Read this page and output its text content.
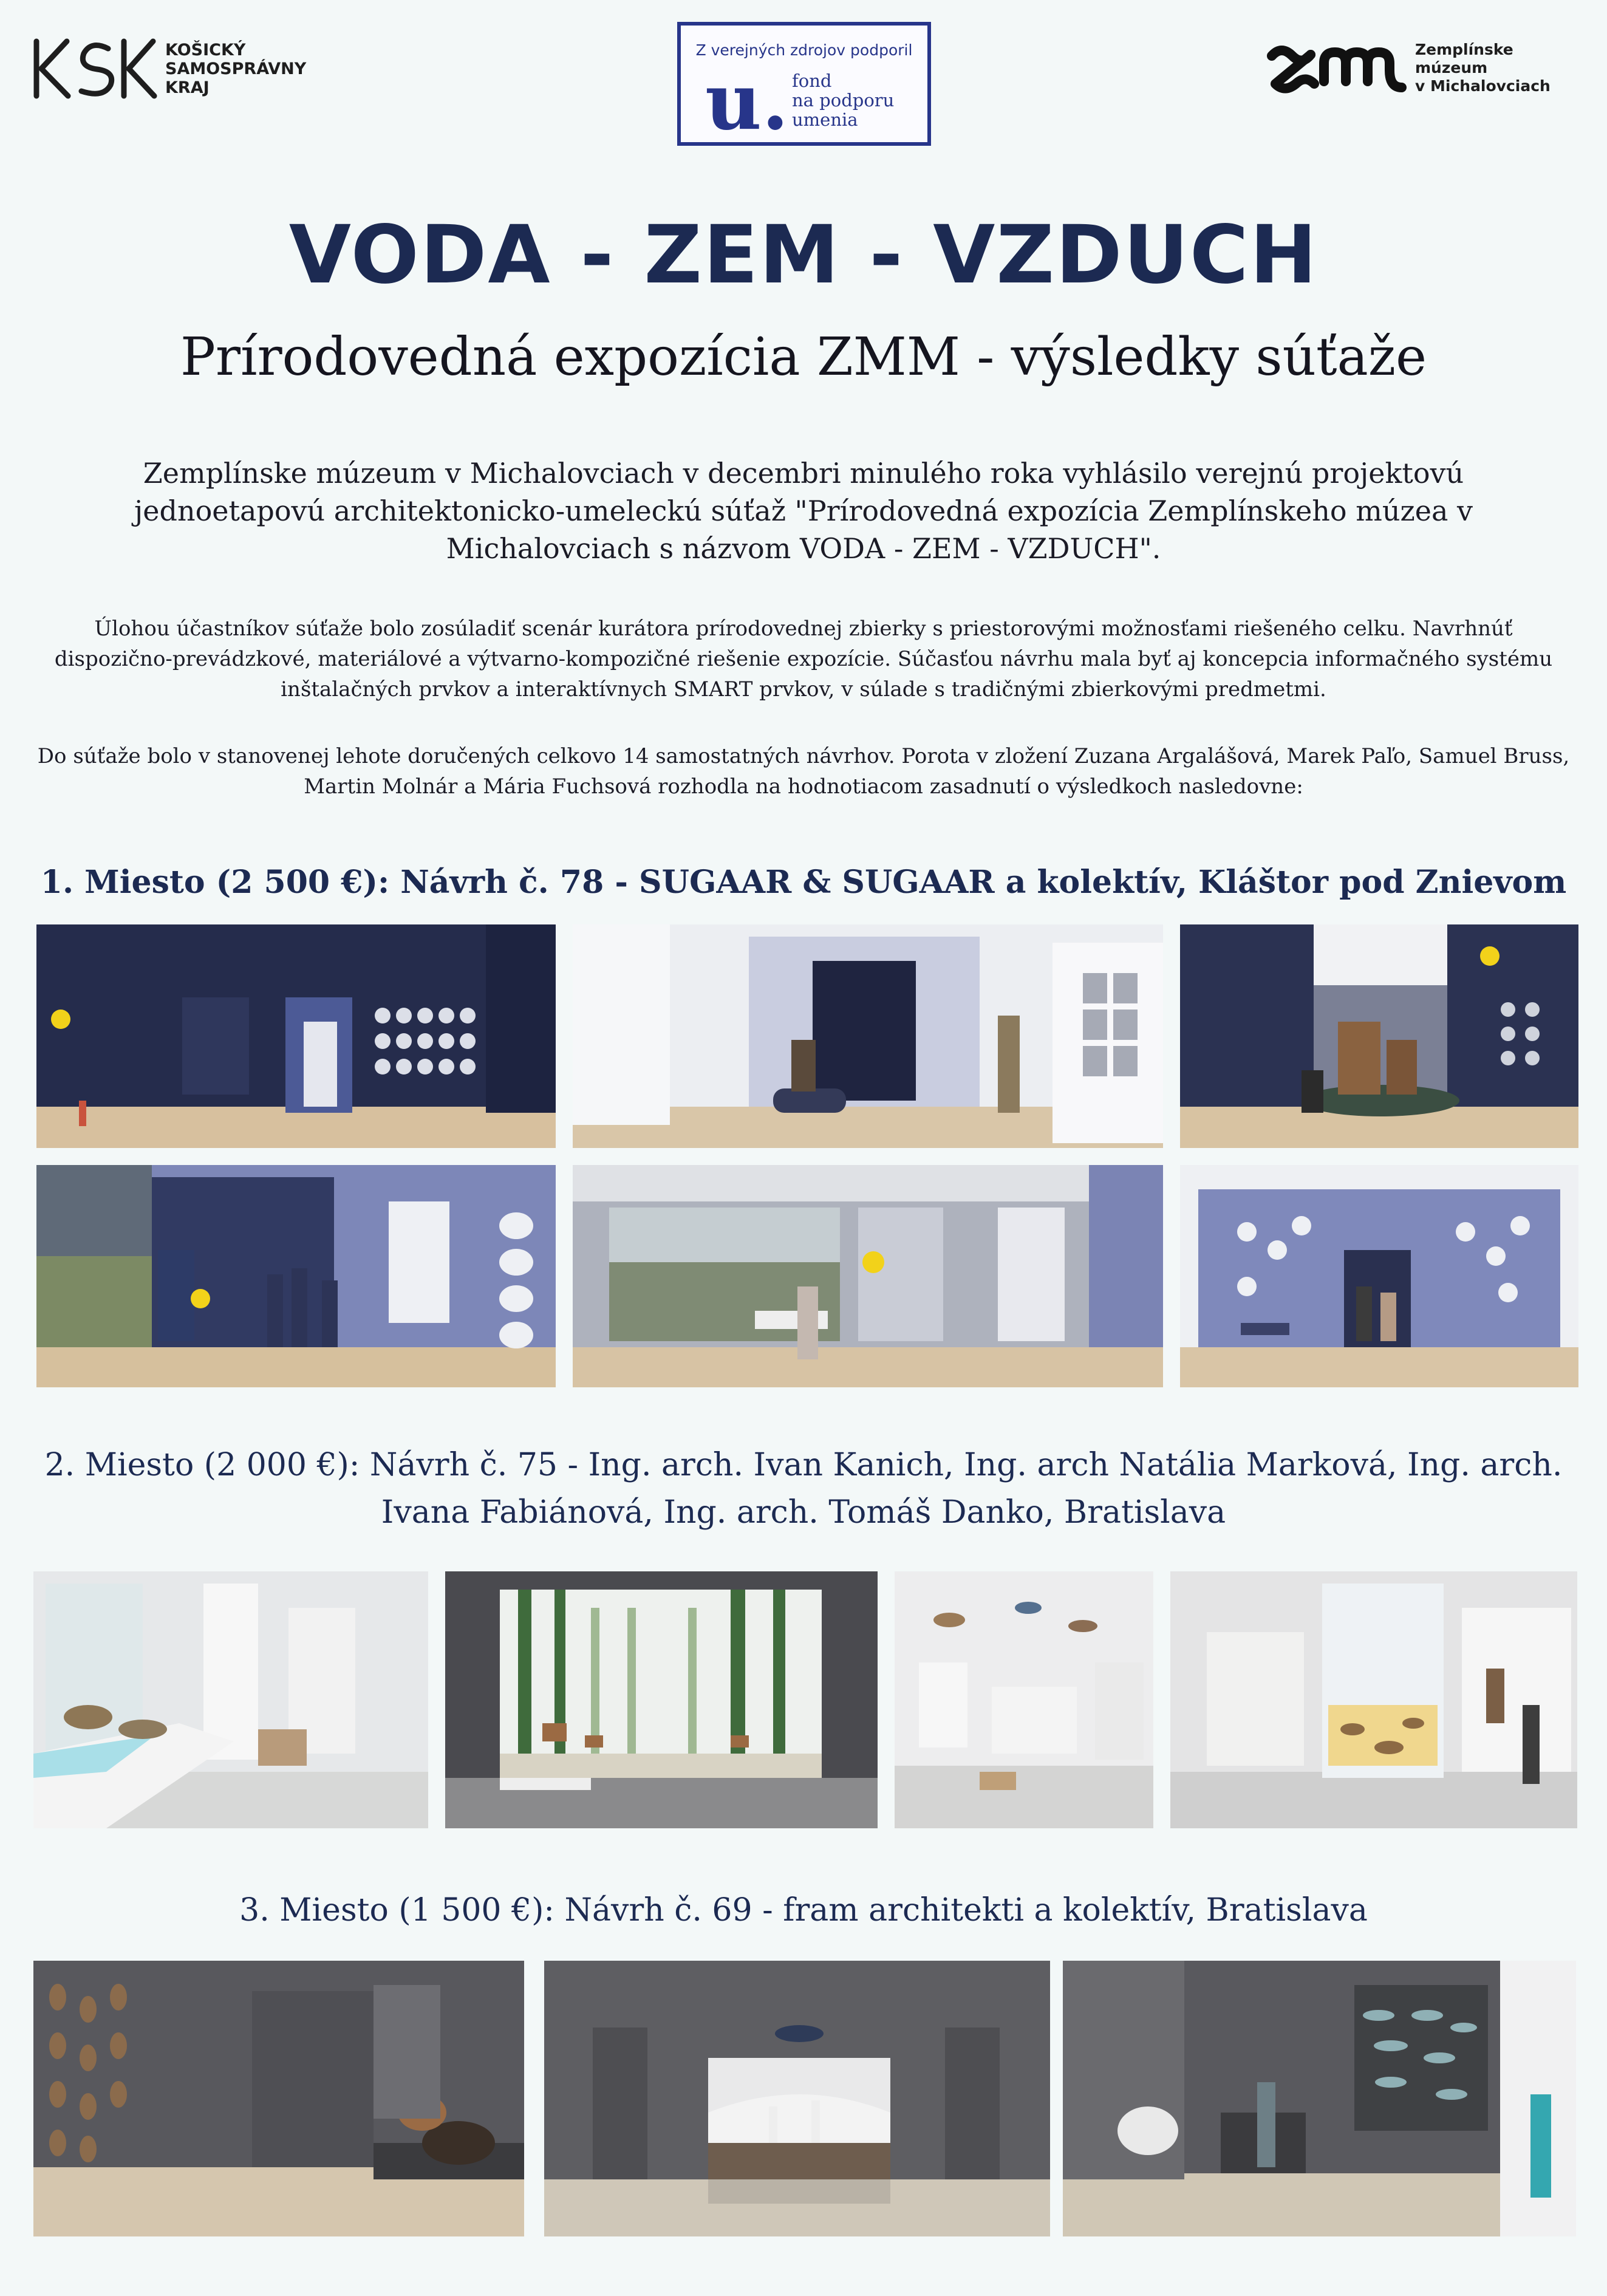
KOŠICKÝ
SAMOSPRÁVNY
KRAJ
Z verejných zdrojov podporil
u. fond
na podporu
umenia
Zemplínske
múzeum
v Michalovciach
VODA - ZEM - VZDUCH
Prírodovedná expozícia ZMM - výsledky súťaže
Zemplínske múzeum v Michalovciach v decembri minulého roka vyhlásilo verejnú projektovú jednoetapovú architektonicko-umeleckú súťaž "Prírodovedná expozícia Zemplínskeho múzea v Michalovciach s názvom VODA - ZEM - VZDUCH".
Úlohou účastníkov súťaže bolo zosúladiť scenár kurátora prírodovednej zbierky s priestorovými možnosťami riešeného celku. Navrhnúť dispozično-prevádzkové, materiálové a výtvarno-kompozičné riešenie expozície. Súčasťou návrhu mala byť aj koncepcia informačného systému inštalačných prvkov a interaktívnych SMART prvkov, v súlade s tradičnými zbierkovými predmetmi.
Do súťaže bolo v stanovenej lehote doručených celkovo 14 samostatných návrhov. Porota v zložení Zuzana Argalášová, Marek Paľo, Samuel Bruss, Martin Molnár a Mária Fuchsová rozhodla na hodnotiacom zasadnutí o výsledkoch nasledovne:
1. Miesto (2 500 €): Návrh č. 78 - SUGAAR & SUGAAR a kolektív, Kláštor pod Znievom
2. Miesto (2 000 €): Návrh č. 75 - Ing. arch. Ivan Kanich, Ing. arch Natália Marková, Ing. arch. Ivana Fabiánová, Ing. arch. Tomáš Danko, Bratislava
3. Miesto (1 500 €): Návrh č. 69 - fram architekti a kolektív, Bratislava
